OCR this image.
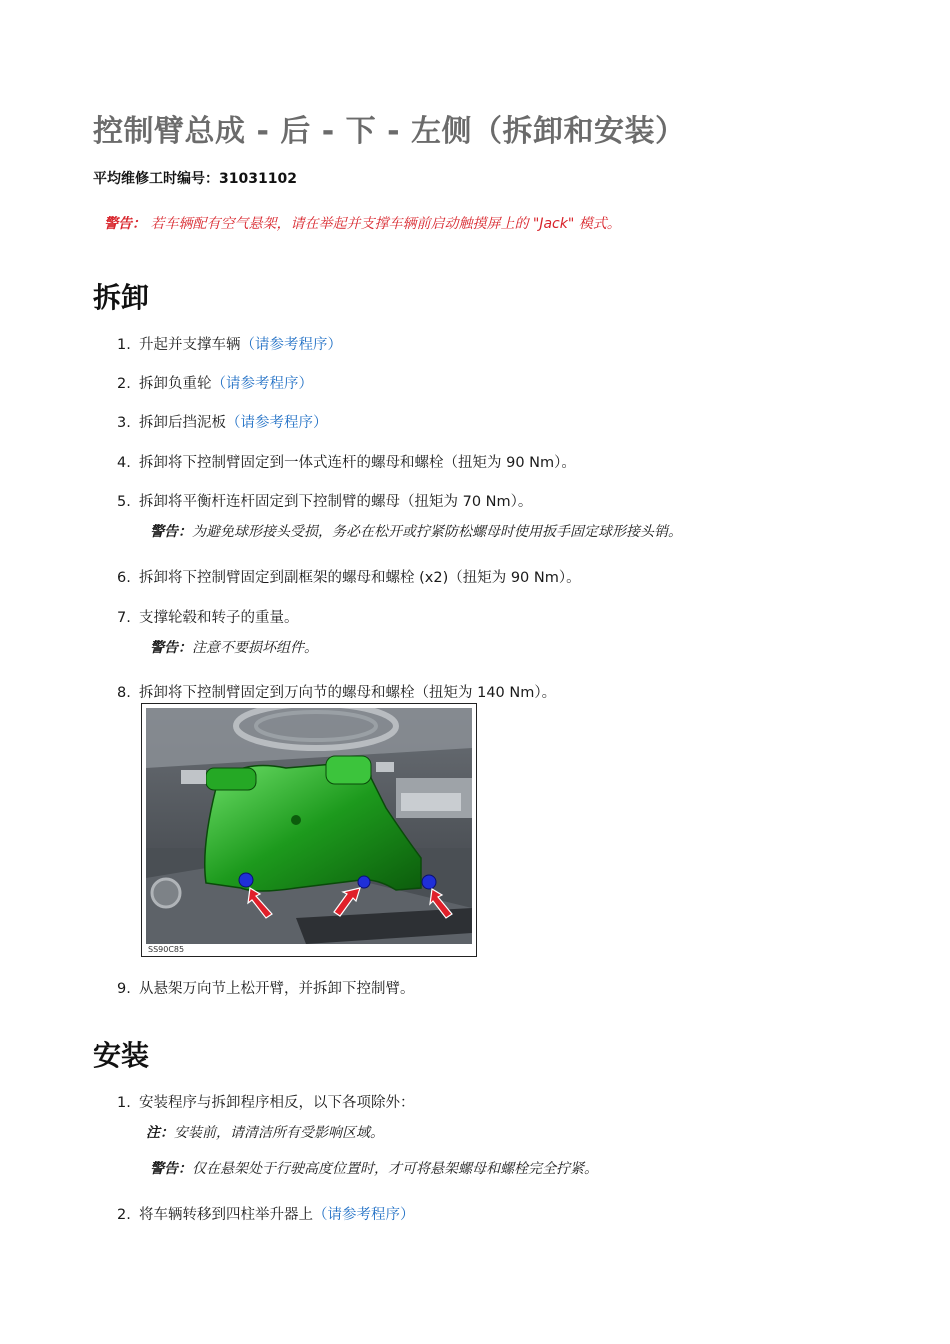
控制臂总成 - 后 - 下 - 左侧（拆卸和安装）

平均维修工时编号：31031102

警告： 若车辆配有空气悬架，请在举起并支撑车辆前启动触摸屏上的 "Jack" 模式。

拆卸
1. 升起并支撑车辆（请参考程序）
2. 拆卸负重轮（请参考程序）
3. 拆卸后挡泥板（请参考程序）
4. 拆卸将下控制臂固定到一体式连杆的螺母和螺栓（扭矩为 90 Nm）。
5. 拆卸将平衡杆连杆固定到下控制臂的螺母（扭矩为 70 Nm）。
警告：为避免球形接头受损，务必在松开或拧紧防松螺母时使用扳手固定球形接头销。
6. 拆卸将下控制臂固定到副框架的螺母和螺栓 (x2)（扭矩为 90 Nm）。
7. 支撑轮毂和转子的重量。
警告：注意不要损坏组件。
8. 拆卸将下控制臂固定到万向节的螺母和螺栓（扭矩为 140 Nm）。
SS90C85
9. 从悬架万向节上松开臂，并拆卸下控制臂。
安装
1. 安装程序与拆卸程序相反，以下各项除外：
注：安装前，请清洁所有受影响区域。
警告：仅在悬架处于行驶高度位置时，才可将悬架螺母和螺栓完全拧紧。
2. 将车辆转移到四柱举升器上（请参考程序）
